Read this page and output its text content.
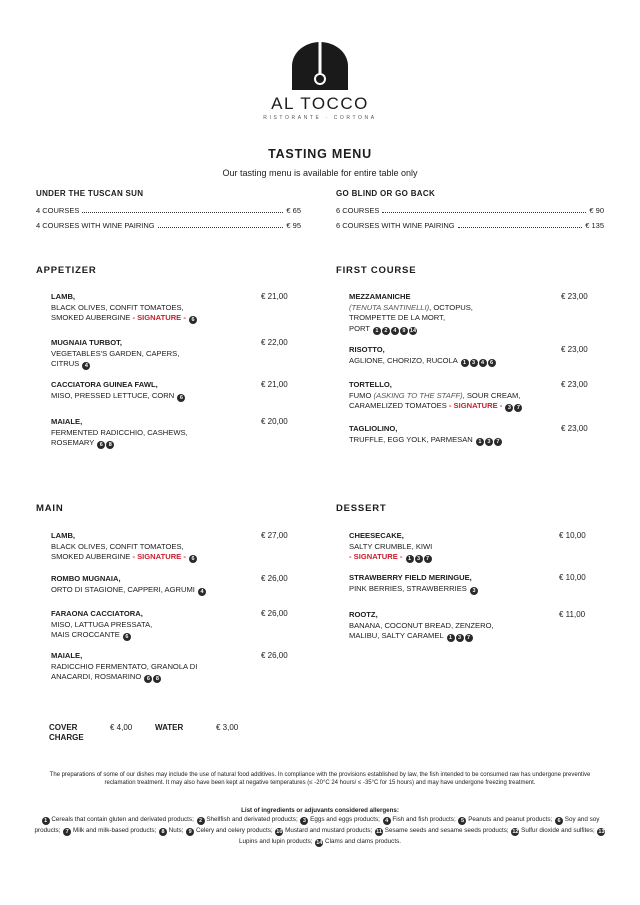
AL TOCCO
RISTORANTE · CORTONA
TASTING MENU
Our tasting menu is available for entire table only
UNDER THE TUSCAN SUN
4 COURSES	€ 65
4 COURSES WITH WINE PAIRING	€ 95
GO BLIND OR GO BACK
6 COURSES	€ 90
6 COURSES WITH WINE PAIRING	€ 135
APPETIZER	FIRST COURSE
MAIN	DESSERT
LAMB,
BLACK OLIVES, CONFIT TOMATOES,
SMOKED AUBERGINE - SIGNATURE - 6
€ 21,00
MUGNAIA TURBOT,
VEGETABLES'S GARDEN, CAPERS,
CITRUS 4
€ 22,00
CACCIATORA GUINEA FAWL,
MISO, PRESSED LETTUCE, CORN 6
€ 21,00
MAIALE,
FERMENTED RADICCHIO, CASHEWS,
ROSEMARY 6 8
€ 20,00
MEZZAMANICHE
(TENUTA SANTINELLI), OCTOPUS,
TROMPETTE DE LA MORT,
PORT 1 2 4 9 14
€ 23,00
RISOTTO,
AGLIONE, CHORIZO, RUCOLA 1 3 4 6
€ 23,00
TORTELLO,
FUMO (ASKING TO THE STAFF), SOUR CREAM,
CARAMELIZED TOMATOES - SIGNATURE - 3 7
€ 23,00
TAGLIOLINO,
TRUFFLE, EGG YOLK, PARMESAN 1 3 7
€ 23,00
LAMB,
BLACK OLIVES, CONFIT TOMATOES,
SMOKED AUBERGINE - SIGNATURE - 6
€ 27,00
ROMBO MUGNAIA,
ORTO DI STAGIONE, CAPPERI, AGRUMI 4
€ 26,00
FARAONA CACCIATORA,
MISO, LATTUGA PRESSATA,
MAIS CROCCANTE 6
€ 26,00
MAIALE,
RADICCHIO FERMENTATO, GRANOLA DI
ANACARDI, ROSMARINO 6 8
€ 26,00
CHEESECAKE,
SALTY CRUMBLE, KIWI
- SIGNATURE - 1 3 7
€ 10,00
STRAWBERRY FIELD MERINGUE,
PINK BERRIES, STRAWBERRIES 3
€ 10,00
ROOTZ,
BANANA, COCONUT BREAD, ZENZERO,
MALIBU, SALTY CARAMEL 1 3 7
€ 11,00
COVER CHARGE
€ 4,00	WATER	€ 3,00
The preparations of some of our dishes may include the use of natural food additives. In compliance with the provisions established by law, the fish intended to be consumed raw has undergone preventive reclamation treatment. It may also have been kept at negative temperatures (≤ -20°C 24 hours/ ≤ -35°C for 15 hours) and may have undergone freezing treatment.
List of ingredients or adjuvants considered allergens:
1 Cereals that contain gluten and derivated products; 2 Shellfish and derivated products; 3 Eggs and eggs products; 4 Fish and fish products; 5 Peanuts and peanut products; 6 Soy and soy products; 7 Milk and milk-based products; 8 Nuts; 9 Celery and celery products; 10 Mustard and mustard products; 11 Sesame seeds and sesame seeds products; 12 Sulfur dioxide and sulfites; 13 Lupins and lupin products; 14 Clams and clams products.
